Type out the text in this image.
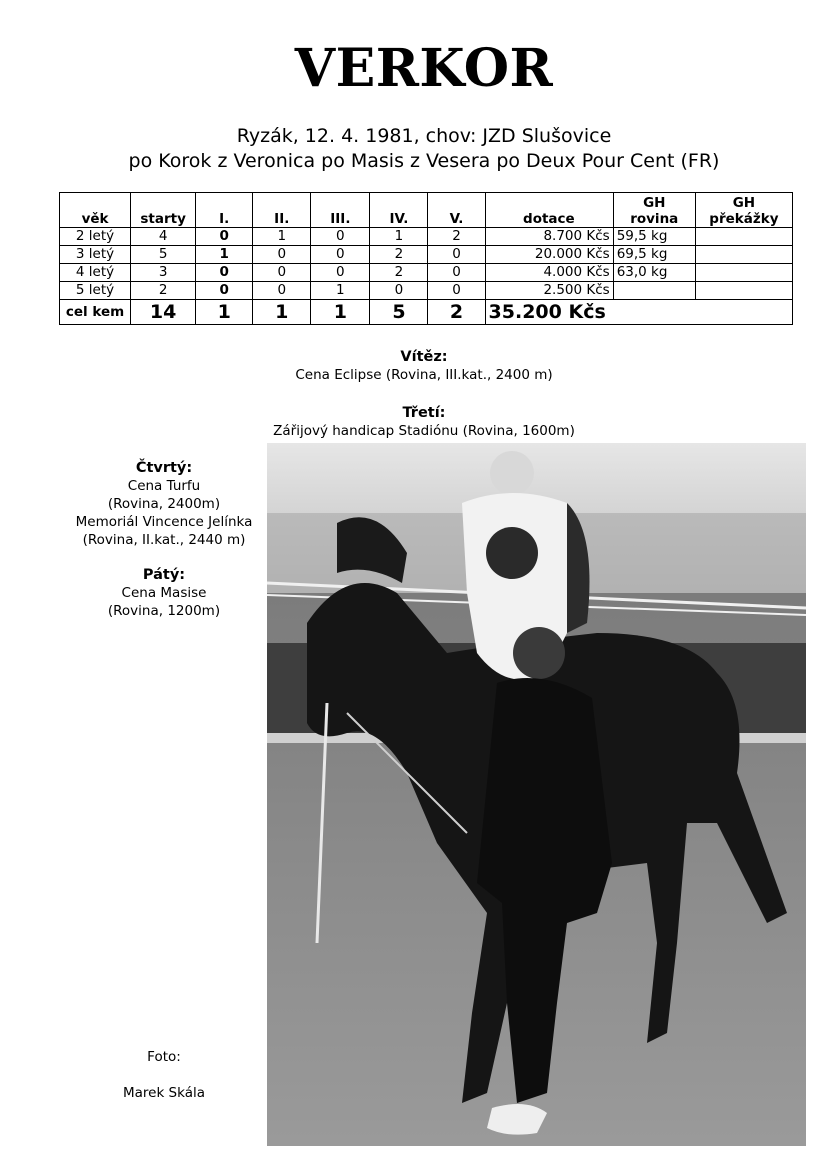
VERKOR
Ryzák, 12. 4. 1981, chov: JZD Slušovice
po Korok z Veronica po Masis z Vesera po Deux Pour Cent (FR)
věk	starty	I.	II.	III.	IV.	V.	dotace	GH rovina	GH překážky
2 letý	4	0	1	0	1	2	8.700 Kčs	59,5 kg	
3 letý	5	1	0	0	2	0	20.000 Kčs	69,5 kg	
4 letý	3	0	0	0	2	0	4.000 Kčs	63,0 kg	
5 letý	2	0	0	1	0	0	2.500 Kčs		
cel kem	14	1	1	1	5	2	35.200 Kčs		
Vítěz:
Cena Eclipse (Rovina, III.kat., 2400 m)
Třetí:
Zářijový handicap Stadiónu (Rovina, 1600m)
Čtvrtý:
Cena Turfu
(Rovina, 2400m)
Memoriál Vincence Jelínka
(Rovina, II.kat., 2440 m)
Pátý:
Cena Masise
(Rovina, 1200m)
Foto:
Marek Skála
